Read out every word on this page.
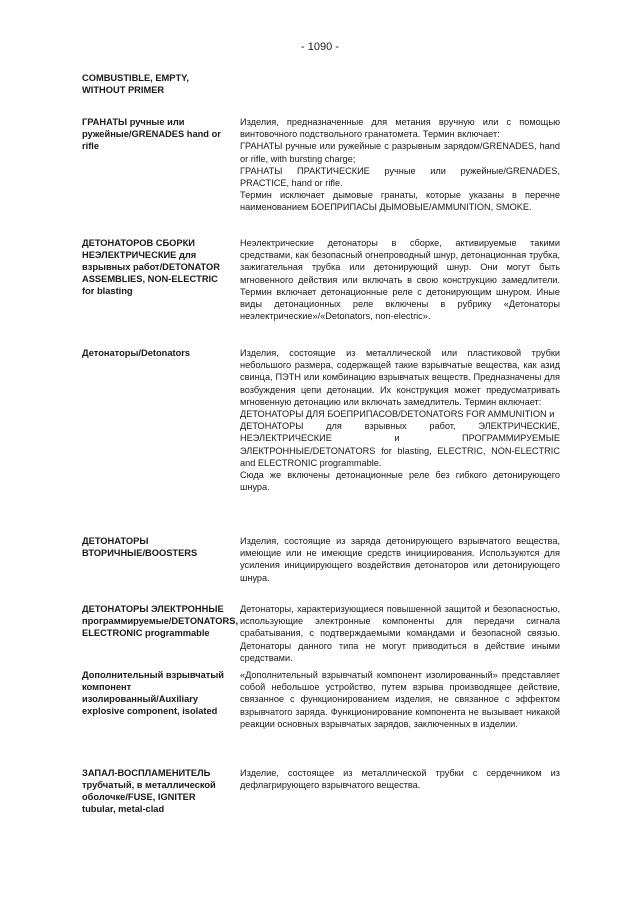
- 1090 -
COMBUSTIBLE, EMPTY, WITHOUT PRIMER
ГРАНАТЫ ручные или ружейные/GRENADES hand or rifle

Изделия, предназначенные для метания вручную или с помощью винтовочного подствольного гранатомета. Термин включает:

ГРАНАТЫ ручные или ружейные с разрывным зарядом/GRENADES, hand or rifle, with bursting charge;

ГРАНАТЫ ПРАКТИЧЕСКИЕ ручные или ружейные/GRENADES, PRACTICE, hand or rifle.

Термин исключает дымовые гранаты, которые указаны в перечне наименованием БОЕПРИПАСЫ ДЫМОВЫЕ/AMMUNITION, SMOKE.

ДЕТОНАТОРОВ СБОРКИ НЕЭЛЕКТРИЧЕСКИЕ для взрывных работ/DETONATOR ASSEMBLIES, NON-ELECTRIC for blasting

Неэлектрические детонаторы в сборке, активируемые такими средствами, как безопасный огнепроводный шнур, детонационная трубка, зажигательная трубка или детонирующий шнур. Они могут быть мгновенного действия или включать в свою конструкцию замедлители. Термин включает детонационные реле с детонирующим шнуром. Иные виды детонационных реле включены в рубрику «Детонаторы неэлектрические»/«Detonators, non-electric».

Детонаторы/Detonators	Изделия, состоящие из металлической или пластиковой трубки небольшого размера, содержащей такие взрывчатые вещества, как азид свинца, ПЭТН или комбинацию взрывчатых веществ. Предназначены для возбуждения цепи детонации. Их конструкция может предусматривать мгновенную детонацию или включать замедлитель. Термин включает:

ДЕТОНАТОРЫ ДЛЯ БОЕПРИПАСОВ/DETONATORS FOR AMMUNITION и

ДЕТОНАТОРЫ для взрывных работ, ЭЛЕКТРИЧЕСКИЕ, НЕЭЛЕКТРИЧЕСКИЕ и ПРОГРАММИРУЕМЫЕ ЭЛЕКТРОННЫЕ/DETONATORS for blasting, ELECTRIC, NON-ELECTRIC and ELECTRONIC programmable.

Сюда же включены детонационные реле без гибкого детонирующего шнура.

ДЕТОНАТОРЫ ВТОРИЧНЫЕ/BOOSTERS

Изделия, состоящие из заряда детонирующего взрывчатого вещества, имеющие или не имеющие средств инициирования. Используются для усиления инициирующего воздействия детонаторов или детонирующего шнура.

ДЕТОНАТОРЫ ЭЛЕКТРОННЫЕ программируемые/DETONATORS, ELECTRONIC programmable

Детонаторы, характеризующиеся повышенной защитой и безопасностью, использующие электронные компоненты для передачи сигнала срабатывания, с подтверждаемыми командами и безопасной связью. Детонаторы данного типа не могут приводиться в действие иными средствами.

Дополнительный взрывчатый компонент изолированный/Auxiliary explosive component, isolated

«Дополнительный взрывчатый компонент изолированный» представляет собой небольшое устройство, путем взрыва производящее действие, связанное с функционированием изделия, не связанное с эффектом взрывчатого заряда. Функционирование компонента не вызывает никакой реакции основных взрывчатых зарядов, заключенных в изделии.

ЗАПАЛ-ВОСПЛАМЕНИТЕЛЬ трубчатый, в металлической оболочке/FUSE, IGNITER tubular, metal-clad

Изделие, состоящее из металлической трубки с сердечником из дефлагрирующего взрывчатого вещества.
